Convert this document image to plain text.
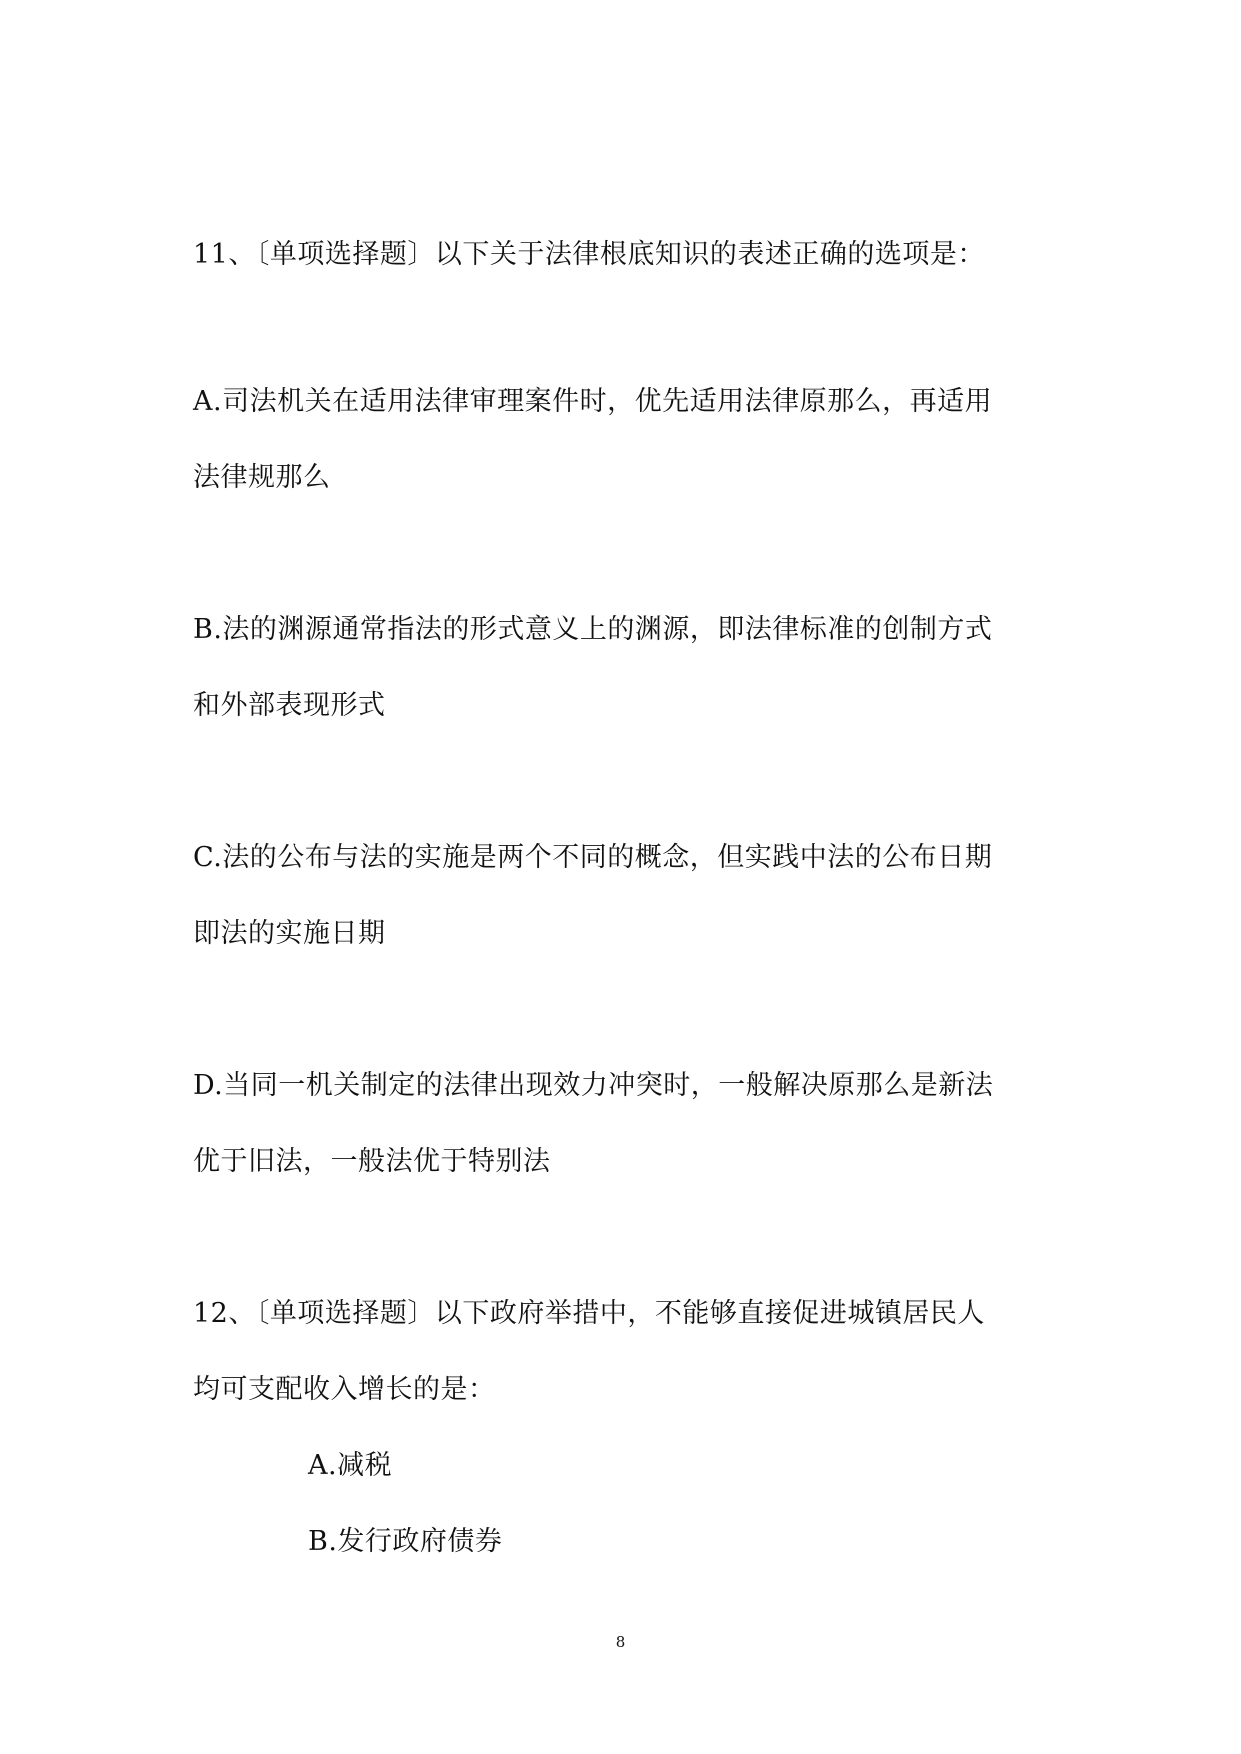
11、〔单项选择题〕以下关于法律根底知识的表述正确的选项是：
A.司法机关在适用法律审理案件时，优先适用法律原那么，再适用
法律规那么
B.法的渊源通常指法的形式意义上的渊源，即法律标准的创制方式
和外部表现形式
C.法的公布与法的实施是两个不同的概念，但实践中法的公布日期
即法的实施日期
D.当同一机关制定的法律出现效力冲突时，一般解决原那么是新法
优于旧法，一般法优于特别法
12、〔单项选择题〕以下政府举措中，不能够直接促进城镇居民人
均可支配收入增长的是：
A.减税
B.发行政府债券
8
